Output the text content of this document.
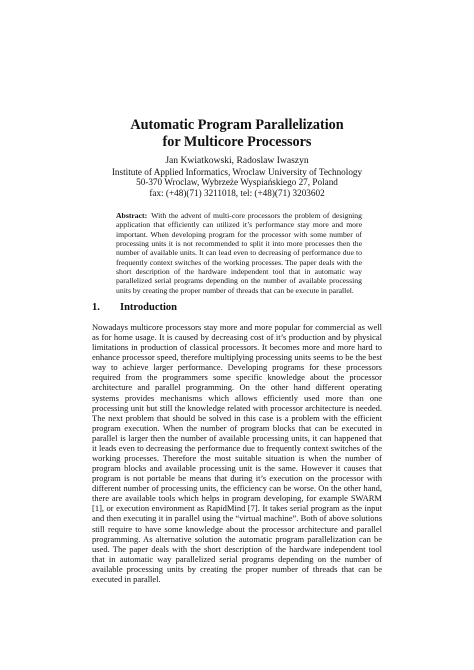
Automatic Program Parallelization
for Multicore Processors
Jan Kwiatkowski, Radoslaw Iwaszyn
Institute of Applied Informatics, Wroclaw University of Technology
50-370 Wroclaw, Wybrzeże Wyspiańskiego 27, Poland
fax: (+48)(71) 3211018, tel: (+48)(71) 3203602
Abstract: With the advent of multi-core processors the problem of designing application that efficiently can utilized it’s performance stay more and more important. When developing program for the processor with some number of processing units it is not recommended to split it into more processes then the number of available units. It can lead even to decreasing of performance due to frequently context switches of the working processes. The paper deals with the short description of the hardware independent tool that in automatic way parallelized serial programs depending on the number of available processing units by creating the proper number of threads that can be execute in parallel.
1. Introduction
Nowadays multicore processors stay more and more popular for commercial as well as for home usage. It is caused by decreasing cost of it’s production and by physical limitations in production of classical processors. It becomes more and more hard to enhance processor speed, therefore multiplying processing units seems to be the best way to achieve larger performance. Developing programs for these processors required from the programmers some specific knowledge about the processor architecture and parallel programming. On the other hand different operating systems provides mechanisms which allows efficiently used more than one processing unit but still the knowledge related with processor architecture is needed. The next problem that should be solved in this case is a problem with the efficient program execution. When the number of program blocks that can be executed in parallel is larger then the number of available processing units, it can happened that it leads even to decreasing the performance due to frequently context switches of the working processes. Therefore the most suitable situation is when the number of program blocks and available processing unit is the same. However it causes that program is not portable be means that during it’s execution on the processor with different number of processing units, the efficiency can be worse. On the other hand, there are available tools which helps in program developing, for example SWARM [1], or execution environment as RapidMind [7]. It takes serial program as the input and then executing it in parallel using the “virtual machine”. Both of above solutions still require to have some knowledge about the processor architecture and parallel programming. As alternative solution the automatic program parallelization can be used. The paper deals with the short description of the hardware independent tool that in automatic way parallelized serial programs depending on the number of available processing units by creating the proper number of threads that can be executed in parallel.
